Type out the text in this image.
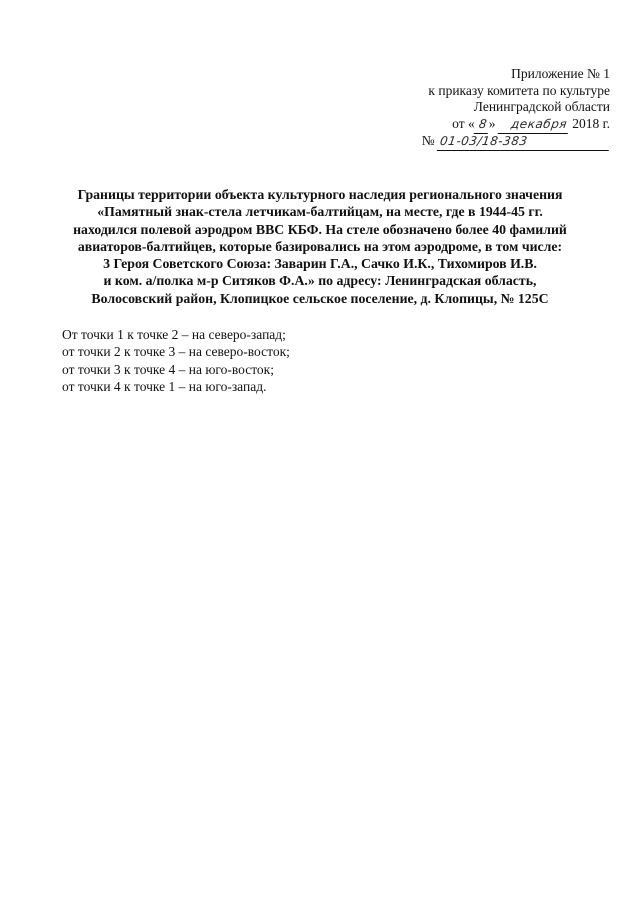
Приложение № 1
к приказу комитета по культуре
Ленинградской области
от « 8» декабря 2018 г.
№ 01-03/18-383
Границы территории объекта культурного наследия регионального значения
«Памятный знак-стела летчикам-балтийцам, на месте, где в 1944-45 гг.
находился полевой аэродром ВВС КБФ. На стеле обозначено более 40 фамилий
авиаторов-балтийцев, которые базировались на этом аэродроме, в том числе:
3 Героя Советского Союза: Заварин Г.А., Сачко И.К., Тихомиров И.В.
и ком. а/полка м-р Ситяков Ф.А.» по адресу: Ленинградская область,
Волосовский район, Клопицкое сельское поселение, д. Клопицы, № 125С
От точки 1 к точке 2 – на северо-запад;
от точки 2 к точке 3 – на северо-восток;
от точки 3 к точке 4 – на юго-восток;
от точки 4 к точке 1 – на юго-запад.
